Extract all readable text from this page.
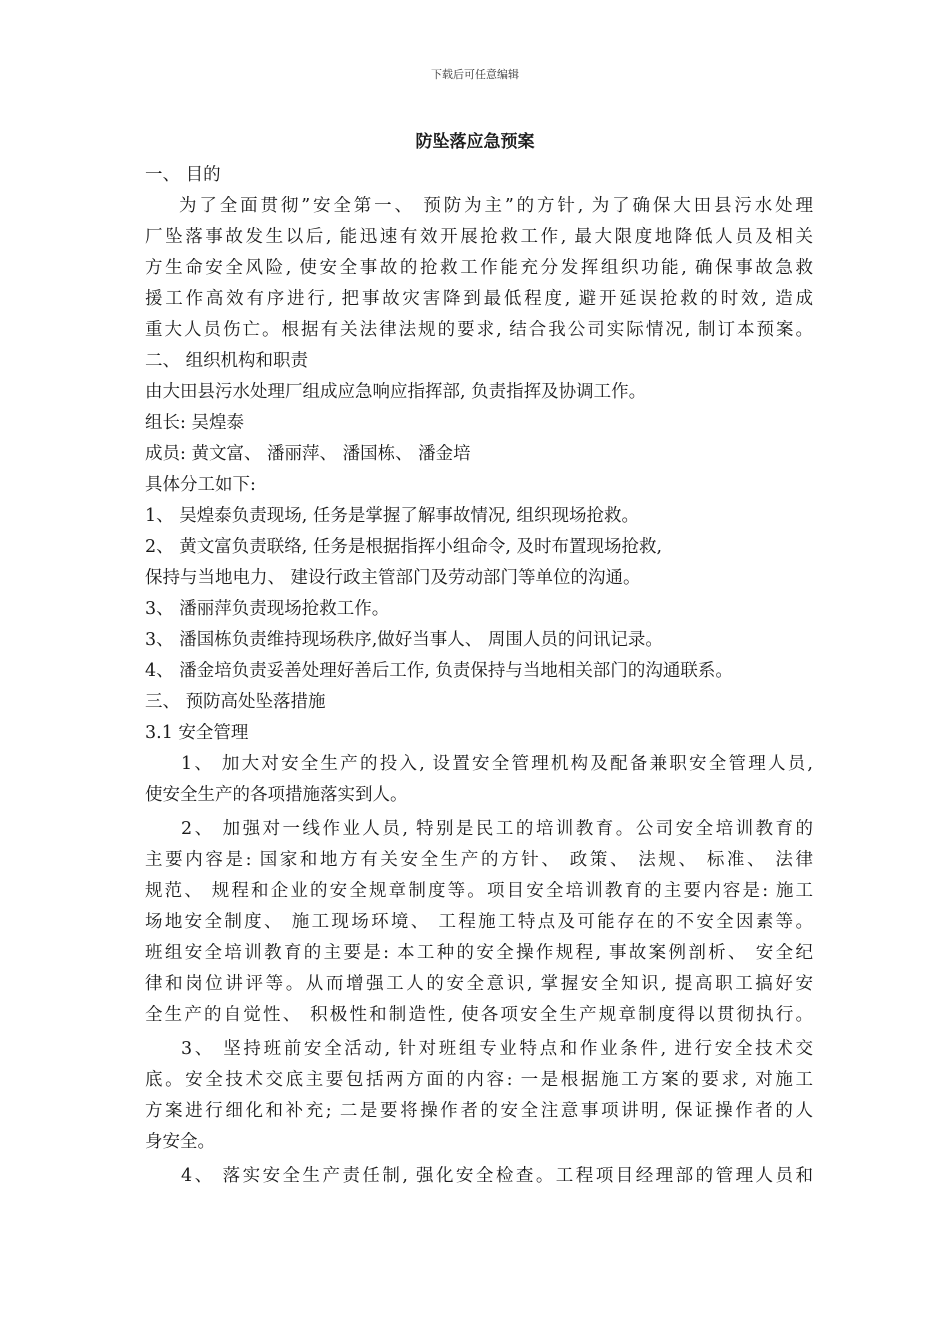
下载后可任意编辑
防坠落应急预案
一、 目的
为了全面贯彻”安全第一、 预防为主”的方针, 为了确保大田县污水处理
厂坠落事故发生以后, 能迅速有效开展抢救工作, 最大限度地降低人员及相关
方生命安全风险, 使安全事故的抢救工作能充分发挥组织功能, 确保事故急救
援工作高效有序进行, 把事故灾害降到最低程度, 避开延误抢救的时效, 造成
重大人员伤亡。根据有关法律法规的要求, 结合我公司实际情况, 制订本预案。
二、 组织机构和职责
由大田县污水处理厂组成应急响应指挥部, 负责指挥及协调工作。
组长: 吴煌泰
成员: 黄文富、 潘丽萍、 潘国栋、 潘金培
具体分工如下:
1、 吴煌泰负责现场, 任务是掌握了解事故情况, 组织现场抢救。
2、 黄文富负责联络, 任务是根据指挥小组命令, 及时布置现场抢救,
保持与当地电力、 建设行政主管部门及劳动部门等单位的沟通。
3、 潘丽萍负责现场抢救工作。
3、 潘国栋负责维持现场秩序,做好当事人、 周围人员的问讯记录。
4、 潘金培负责妥善处理好善后工作, 负责保持与当地相关部门的沟通联系。
三、 预防高处坠落措施
3.1 安全管理
1、 加大对安全生产的投入, 设置安全管理机构及配备兼职安全管理人员,
使安全生产的各项措施落实到人。
2、 加强对一线作业人员, 特别是民工的培训教育。公司安全培训教育的
主要内容是: 国家和地方有关安全生产的方针、 政策、 法规、 标准、 法律
规范、 规程和企业的安全规章制度等。项目安全培训教育的主要内容是: 施工
场地安全制度、 施工现场环境、 工程施工特点及可能存在的不安全因素等。
班组安全培训教育的主要是: 本工种的安全操作规程, 事故案例剖析、 安全纪
律和岗位讲评等。从而增强工人的安全意识, 掌握安全知识, 提高职工搞好安
全生产的自觉性、 积极性和制造性, 使各项安全生产规章制度得以贯彻执行。
3、 坚持班前安全活动, 针对班组专业特点和作业条件, 进行安全技术交
底。安全技术交底主要包括两方面的内容: 一是根据施工方案的要求, 对施工
方案进行细化和补充; 二是要将操作者的安全注意事项讲明, 保证操作者的人
身安全。
4、 落实安全生产责任制, 强化安全检查。工程项目经理部的管理人员和
